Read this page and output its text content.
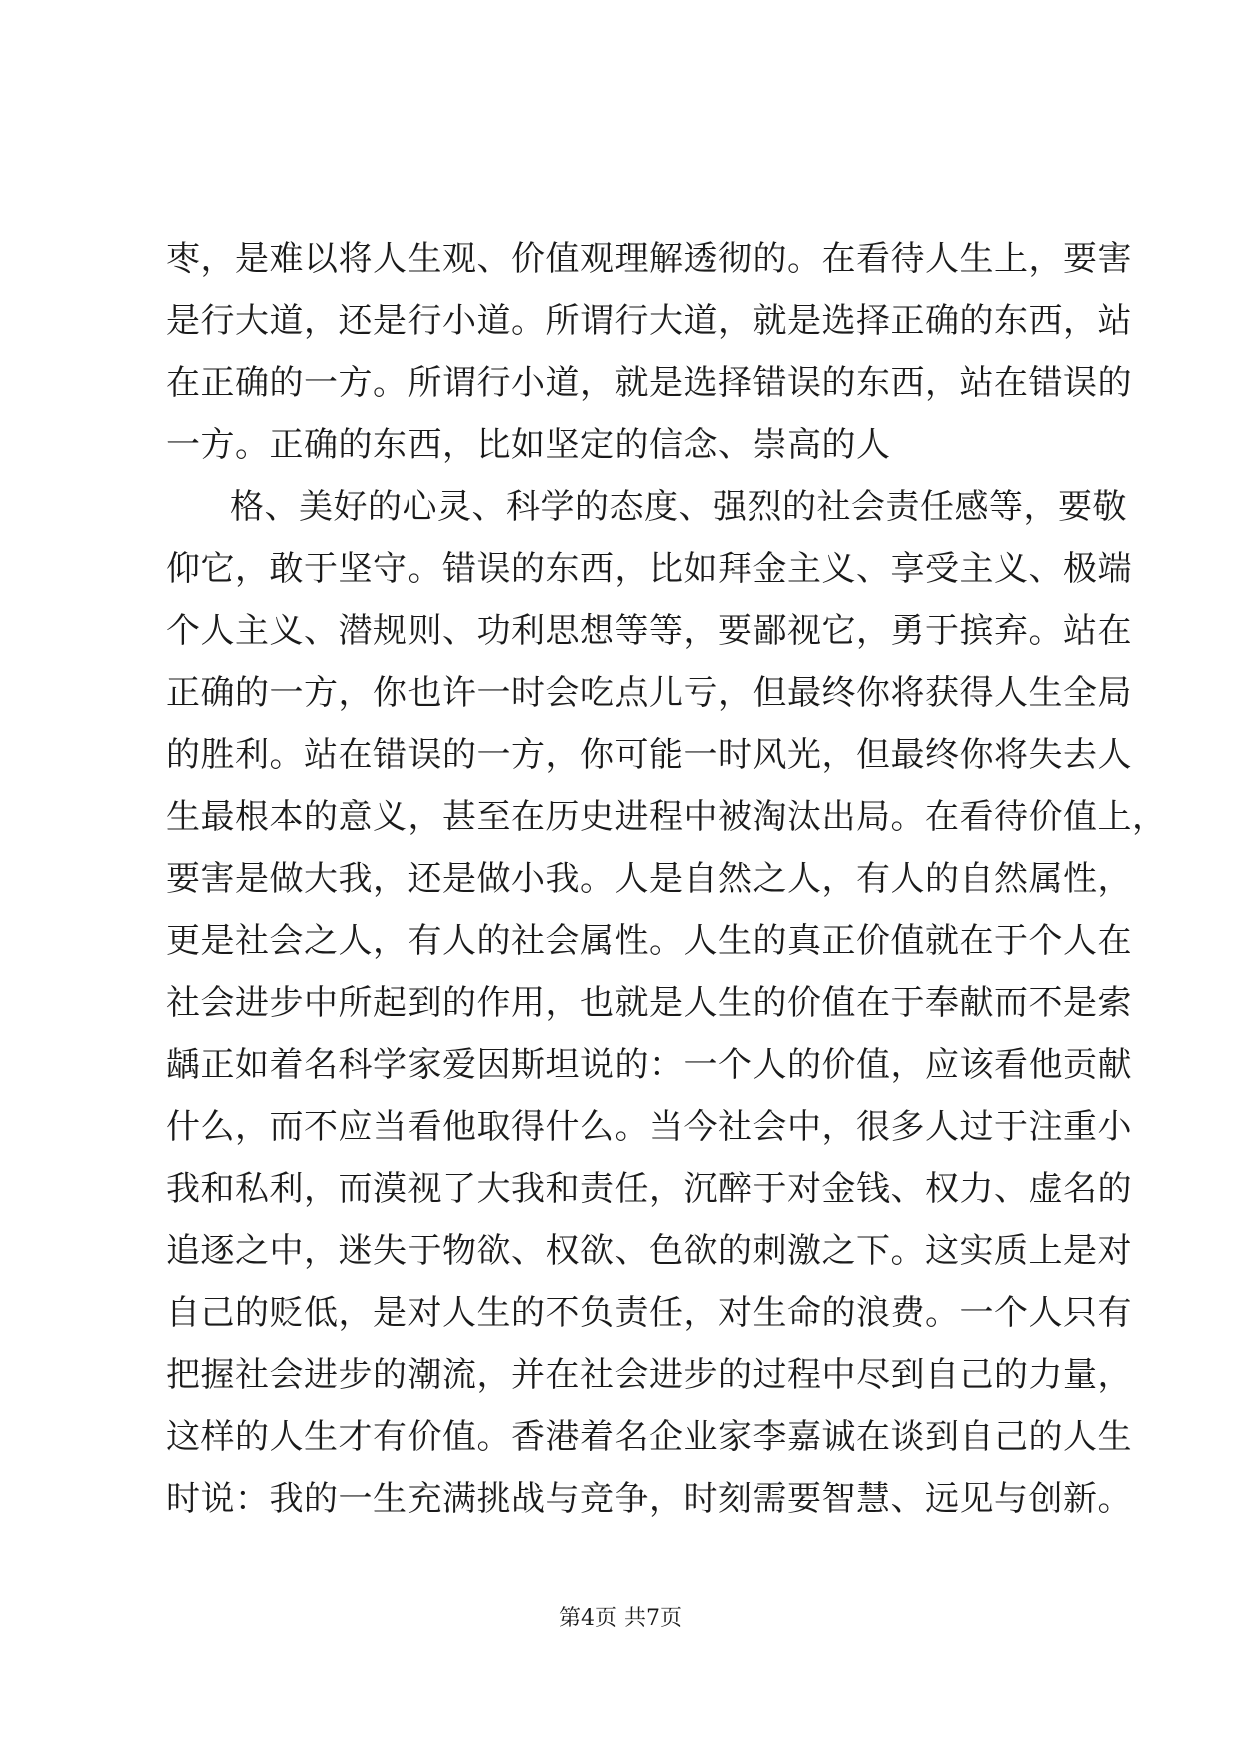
枣，是难以将人生观、价值观理解透彻的。在看待人生上，要害
是行大道，还是行小道。所谓行大道，就是选择正确的东西，站
在正确的一方。所谓行小道，就是选择错误的东西，站在错误的
一方。正确的东西，比如坚定的信念、崇高的人
格、美好的心灵、科学的态度、强烈的社会责任感等，要敬
仰它，敢于坚守。错误的东西，比如拜金主义、享受主义、极端
个人主义、潜规则、功利思想等等，要鄙视它，勇于摈弃。站在
正确的一方，你也许一时会吃点儿亏，但最终你将获得人生全局
的胜利。站在错误的一方，你可能一时风光，但最终你将失去人
生最根本的意义，甚至在历史进程中被淘汰出局。在看待价值上，
要害是做大我，还是做小我。人是自然之人，有人的自然属性，
更是社会之人，有人的社会属性。人生的真正价值就在于个人在
社会进步中所起到的作用，也就是人生的价值在于奉献而不是索
龋正如着名科学家爱因斯坦说的：一个人的价值，应该看他贡献
什么，而不应当看他取得什么。当今社会中，很多人过于注重小
我和私利，而漠视了大我和责任，沉醉于对金钱、权力、虚名的
追逐之中，迷失于物欲、权欲、色欲的刺激之下。这实质上是对
自己的贬低，是对人生的不负责任，对生命的浪费。一个人只有
把握社会进步的潮流，并在社会进步的过程中尽到自己的力量，
这样的人生才有价值。香港着名企业家李嘉诚在谈到自己的人生
时说：我的一生充满挑战与竞争，时刻需要智慧、远见与创新。
第4页 共7页
